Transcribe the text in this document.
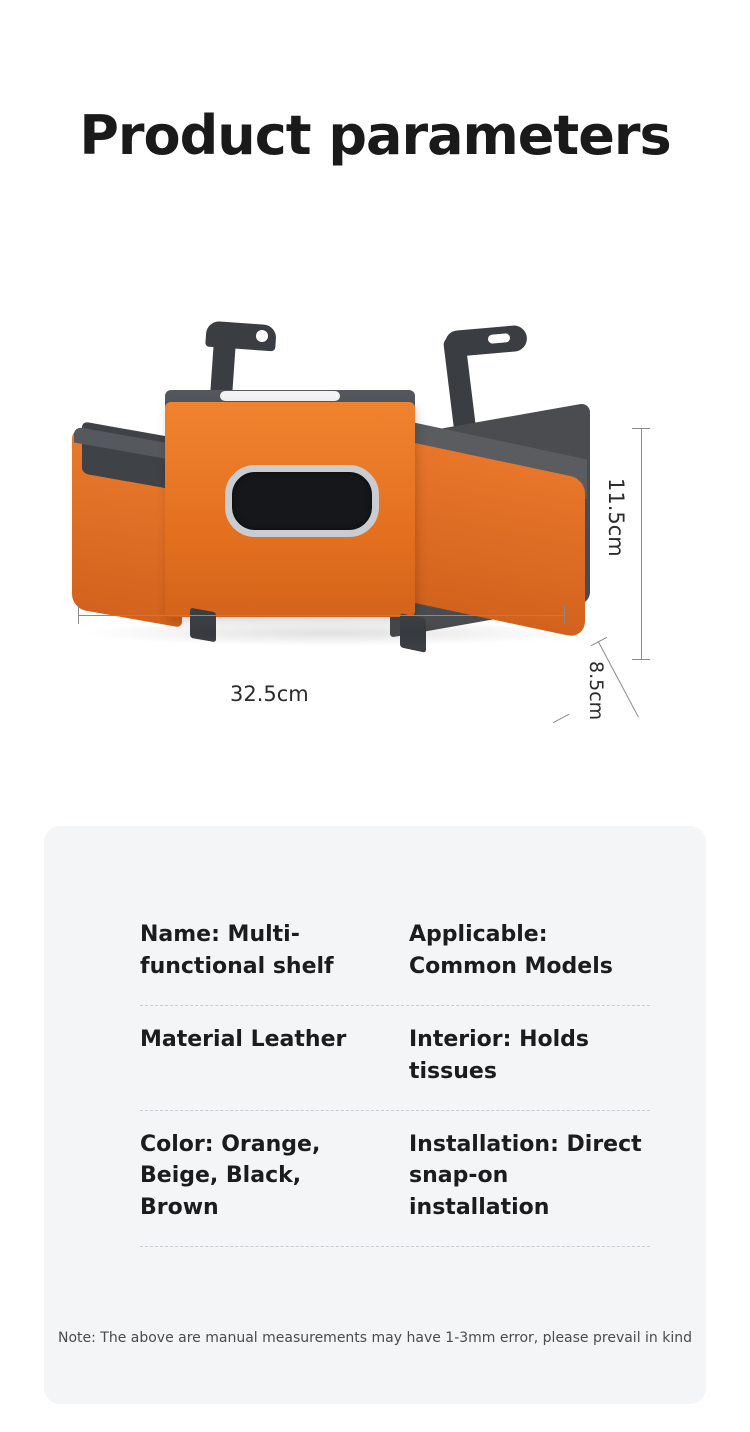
Product parameters
32.5cm
11.5cm
8.5cm
Name: Multi-functional shelf
Applicable: Common Models
Material Leather	Interior: Holds tissues
Color: Orange, Beige, Black, Brown
Installation: Direct snap-on installation
Note: The above are manual measurements may have 1-3mm error, please prevail in kind
